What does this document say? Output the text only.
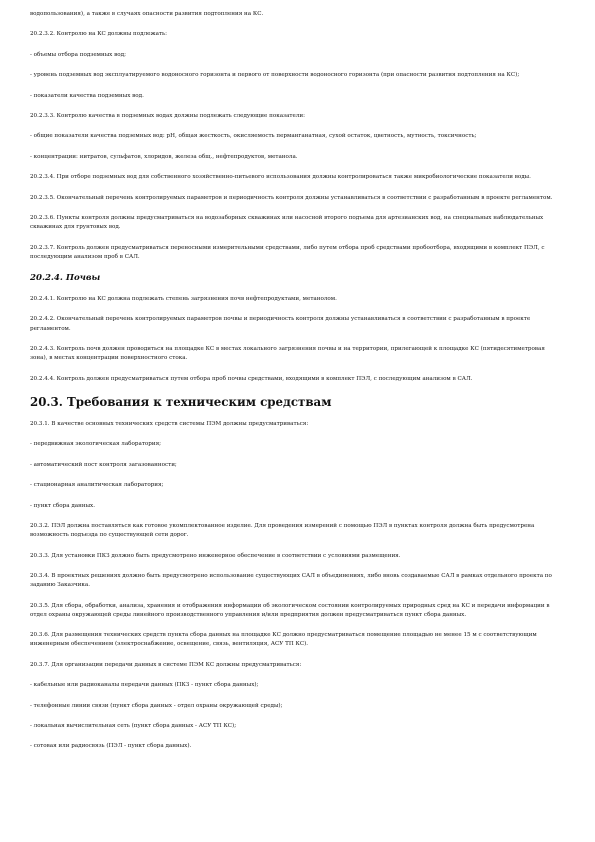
водопользования), а также в случаях опасности развития подтопления на КС.

20.2.3.2. Контролю на КС должны подлежать:

- объемы отбора подземных вод;

- уровень подземных вод эксплуатируемого водоносного горизонта и первого от поверхности водоносного горизонта (при опасности развития подтопления на КС);

- показатели качества подземных вод.

20.2.3.3. Контролю качества в подземных водах должны подлежать следующие показатели:

- общие показатели качества подземных вод: pH, общая жесткость, окисляемость перманганатная, сухой остаток, цветность, мутность, токсичность;

- концентрации: нитратов, сульфатов, хлоридов, железа общ., нефтепродуктов, метанола.

20.2.3.4. При отборе подземных вод для собственного хозяйственно-питьевого использования должны контролироваться также микробиологические показатели воды.

20.2.3.5. Окончательный перечень контролируемых параметров и периодичность контроля должны устанавливаться в соответствии с разработанным в проекте регламентом.

20.2.3.6. Пункты контроля должны предусматриваться на водозаборных скважинах или насосной второго подъема для артезианских вод, на специальных наблюдательных скважинах для грунтовых вод.

20.2.3.7. Контроль должен предусматриваться переносными измерительными средствами, либо путем отбора проб средствами пробоотбора, входящими в комплект ПЭЛ, с последующим анализом проб в САЛ.

20.2.4. Почвы

20.2.4.1. Контролю на КС должна подлежать степень загрязнения почв нефтепродуктами, метанолом.

20.2.4.2. Окончательный перечень контролируемых параметров почвы и периодичность контроля должны устанавливаться в соответствии с разработанным в проекте регламентом.

20.2.4.3. Контроль почв должен проводиться на площадке КС в местах локального загрязнения почвы и на территории, прилегающей к площадке КС (пятидесятиметровая зона), в местах концентрации поверхностного стока.

20.2.4.4. Контроль должен предусматриваться путем отбора проб почвы средствами, входящими в комплект ПЭЛ, с последующим анализом в САЛ.

20.3. Требования к техническим средствам

20.3.1. В качестве основных технических средств системы ПЭМ должны предусматриваться:

- передвижная экологическая лаборатория;

- автоматический пост контроля загазованности;

- стационарная аналитическая лаборатория;

- пункт сбора данных.

20.3.2. ПЭЛ должна поставляться как готовое укомплектованное изделие. Для проведения измерений с помощью ПЭЛ в пунктах контроля должна быть предусмотрена возможность подъезда по существующей сети дорог.

20.3.3. Для установки ПКЗ должно быть предусмотрено инженерное обеспечение в соответствии с условиями размещения.

20.3.4. В проектных решениях должно быть предусмотрено использование существующих САЛ в объединениях, либо вновь создаваемые САЛ в рамках отдельного проекта по заданию Заказчика.

20.3.5. Для сбора, обработки, анализа, хранения и отображения информации об экологическом состоянии контролируемых природных сред на КС и передачи информации в отдел охраны окружающей среды линейного производственного управления и/или предприятия должен предусматриваться пункт сбора данных.

20.3.6. Для размещения технических средств пункта сбора данных на площадке КС должно предусматриваться помещение площадью не менее 15 м с соответствующим инженерным обеспечением (электроснабжение, освещение, связь, вентиляция, АСУ ТП КС).

20.3.7. Для организации передачи данных в системе ПЭМ КС должны предусматриваться:

- кабельные или радиоканалы передачи данных (ПКЗ - пункт сбора данных);

- телефонные линии связи (пункт сбора данных - отдел охраны окружающей среды);

- локальная вычислительная сеть (пункт сбора данных - АСУ ТП КС);

- сотовая или радиосвязь (ПЭЛ - пункт сбора данных).
